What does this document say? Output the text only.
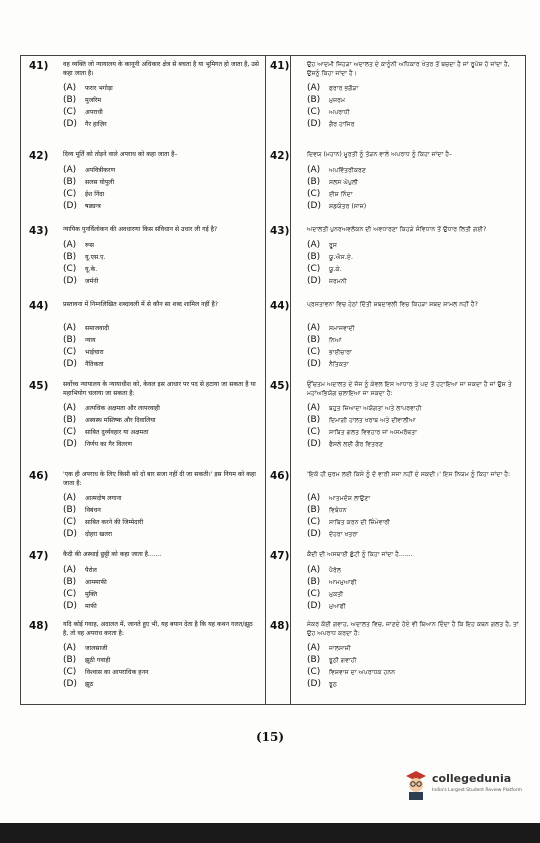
41) वह व्यक्ति जो न्यायालय के कानूनी अधिकार क्षेत्र से बचता है या भूमिगत हो जाता है, उसे कहा जाता है।
41)	ਉਹ ਆਦਮੀ ਜਿਹੜਾ ਅਦਾਲਤ ਦੇ ਕਾਨੂੰਨੀ ਅਧਿਕਾਰ ਖੇਤਰ ਤੋਂ ਬਚਦਾ ਹੈ ਜਾਂ ਰੂਪੋਸ਼ ਹੋ ਜਾਂਦਾ ਹੈ, ਉਸਨੂੰ ਕਿਹਾ ਜਾਂਦਾ ਹੈ।
(A) फरार भगोड़ा	(A) ਫਰਾਰ ਭਗੌੜਾ
(B) मुजरिम	(B) ਮੁਜਰਮ
(C) अपराधी	(C) ਅਪਰਾਧੀ
(D) गैर हाज़िर	(D) ਗੈਰ ਹਾਜਿਰ
42) दिव्य मूर्ति को तोड़ने वाले अपराध को कहा जाता है–	42)	ਦਿਵਯ (ਮਹਾਨ) ਮੂਰਤੀ ਨੂੰ ਤੋੜਨ ਵਾਲੇ ਅਪਰਾਧ ਨੂੰ ਕਿਹਾ ਜਾਂਦਾ ਹੈ–
(A) अपवित्रीकरण	(A) ਅਪਵਿੱਤਰੀਕਰਣ
(B) सलस घोपुली	(B) ਸਲਸ ਘੋਪੁਲੀ
(C) ईश निंदा	(C) ਈਸ਼ ਨਿੰਦਾ
(D) षड्यन्त्र	(D) ਸ਼ਡਯੰਤਰ (ਸਾਜ਼)
43) न्यायिक पुनर्विलोकन की अवधारणा किस संविधान से उधार ली गई है?	43)	ਅਦਾਲਤੀ ਪੁਨਰਅਵਲੋਕਨ ਦੀ ਅਵਧਾਰਣਾ ਕਿਹੜੇ ਸੰਵਿਧਾਨ ਤੋਂ ਉਧਾਰ ਲਿਤੀ ਗਈ?
(A) रूस	(A) ਰੂਸ
(B) यू.एस.ए.	(B) ਯੂ.ਐਸ.ਏ.
(C) यू.के.	(C) ਯੂ.ਕੇ.
(D) जर्मनी	(D) ਜਰਮਨੀ
44) प्रस्तावना में निम्नलिखित शब्दावली में से कौन सा शब्द शामिल नहीं है?	44)	ਪ੍ਰਸਤਾਵਨਾ ਵਿਚ ਹੇਠਾਂ ਦਿੱਤੀ ਸ਼ਬਦਾਵਲੀ ਵਿਚ ਕਿਹੜਾ ਸ਼ਬਦ ਸ਼ਾਮਲ ਨਹੀਂ ਹੈ?
(A) समाजवादी	(A) ਸਮਾਜਵਾਦੀ
(B) न्याय	(B) ਨਿਆਂ
(C) भाईचारा	(C) ਭਾਈਚਾਰਾ
(D) नैतिकता	(D) ਨੈਤਿਕਤਾ
45) सर्वोच्च न्यायालय के न्यायाधीश को, केवल इस आधार पर पद से हटाया जा सकता है या महाभियोग चलाया जा सकता है:
45)	ਉੱਚਤਮ ਅਦਾਲਤ ਦੇ ਜੱਜ ਨੂੰ ਕੇਵਲ ਇਸ ਆਧਾਰ ਤੇ ਪਦ ਤੋਂ ਹਟਾਇਆ ਜਾ ਸਕਦਾ ਹੈ ਜਾਂ ਉਸ ਤੇ ਮਹਾਂਅਭਿਯੋਗ ਚਲਾਇਆ ਜਾ ਸਕਦਾ ਹੈ:
(A) अत्यधिक अक्षमता और लापरवाही	(A) ਬਹੁਤ ਜ਼ਿਆਦਾ ਅਯੋਗਤਾ ਅਤੇ ਲਾਪਰਵਾਹੀ
(B) अस्वस्थ मस्तिष्क और दिवालिया	(B) ਦਿਮਾਗੀ ਹਾਲਤ ਖਰਾਬ ਅਤੇ ਦੀਵਾਲੀਆ
(C) साबित दुर्व्यवहार या अक्षमता	(C) ਸਾਬਿਤ ਗਲਤ ਵਿਵਹਾਰ ਜਾਂ ਅਸਮਰੱਥਤਾ
(D) निर्णय का गैर वितरण	(D) ਫੈਸਲੇ ਲਈ ਗੈਰ ਵਿਤਰਣ
46) 'एक ही अपराध के लिए किसी को दो बार सजा नहीं दी जा सकती।' इस नियम को कहा जाता है:
46)	'ਇਕੋ ਹੀ ਜੁਰਮ ਲਈ ਕਿਸੇ ਨੂੰ ਦੋ ਵਾਰੀ ਸਜਾ ਨਹੀਂ ਦੇ ਸਕਦੀ।' ਇਸ ਨਿਯਮ ਨੂੰ ਕਿਹਾ ਜਾਂਦਾ ਹੈ:
(A) आत्मदोष लगाना	(A) ਆਤਮਦੋਸ਼ ਲਾਉਣਾ
(B) विबंधन	(B) ਵਿਬੰਧਨ
(C) साबित करने की जिम्मेदारी	(C) ਸਾਬਿਤ ਕਰਨ ਦੀ ਜ਼ਿੰਮੇਵਾਰੀ
(D) दोहरा खतरा	(D) ਦੋਹਰਾ ਖਤਰਾ
47) कैदी की अस्थाई छुट्टी को कहा जाता है.......	47)	ਕੈਦੀ ਦੀ ਅਸਥਾਈ ਛੁੱਟੀ ਨੂੰ ਕਿਹਾ ਜਾਂਦਾ ਹੈ.......
(A) पैरोल	(A) ਪੈਰੋਲ
(B) आममाफी	(B) ਆਮਮੁਆਫੀ
(C) मुक्ति	(C) ਮੁਕਤੀ
(D) माफी	(D) ਮੁਆਫੀ
48) यदि कोई गवाह, अदालत में, जानते हुए भी, यह बयान देता है कि यह कथन गलत/झूठ है, तो वह अपराध करता है:
48)	ਜੇਕਰ ਕੋਈ ਗਵਾਹ, ਅਦਾਲਤ ਵਿਚ, ਜਾਣਦੇ ਹੋਏ ਵੀ ਬਿਆਨ ਦਿੰਦਾ ਹੈ ਕਿ ਇਹ ਕਥਨ ਗਲਤ ਹੈ, ਤਾਂ ਉਹ ਅਪਰਾਧ ਕਰਦਾ ਹੈ:
(A) जालसाजी	(A) ਜਾਲਸਾਜ਼ੀ
(B) झूठी गवाही	(B) ਝੂਠੀ ਗਵਾਹੀ
(C) विश्वास का आपराधिक हनन	(C) ਵਿਸ਼ਵਾਸ ਦਾ ਅਪਰਾਧਕ ਹਨਨ
(D) झूठ	(D) ਝੂਠ
(15)
collegedunia
India's Largest Student Review Platform
